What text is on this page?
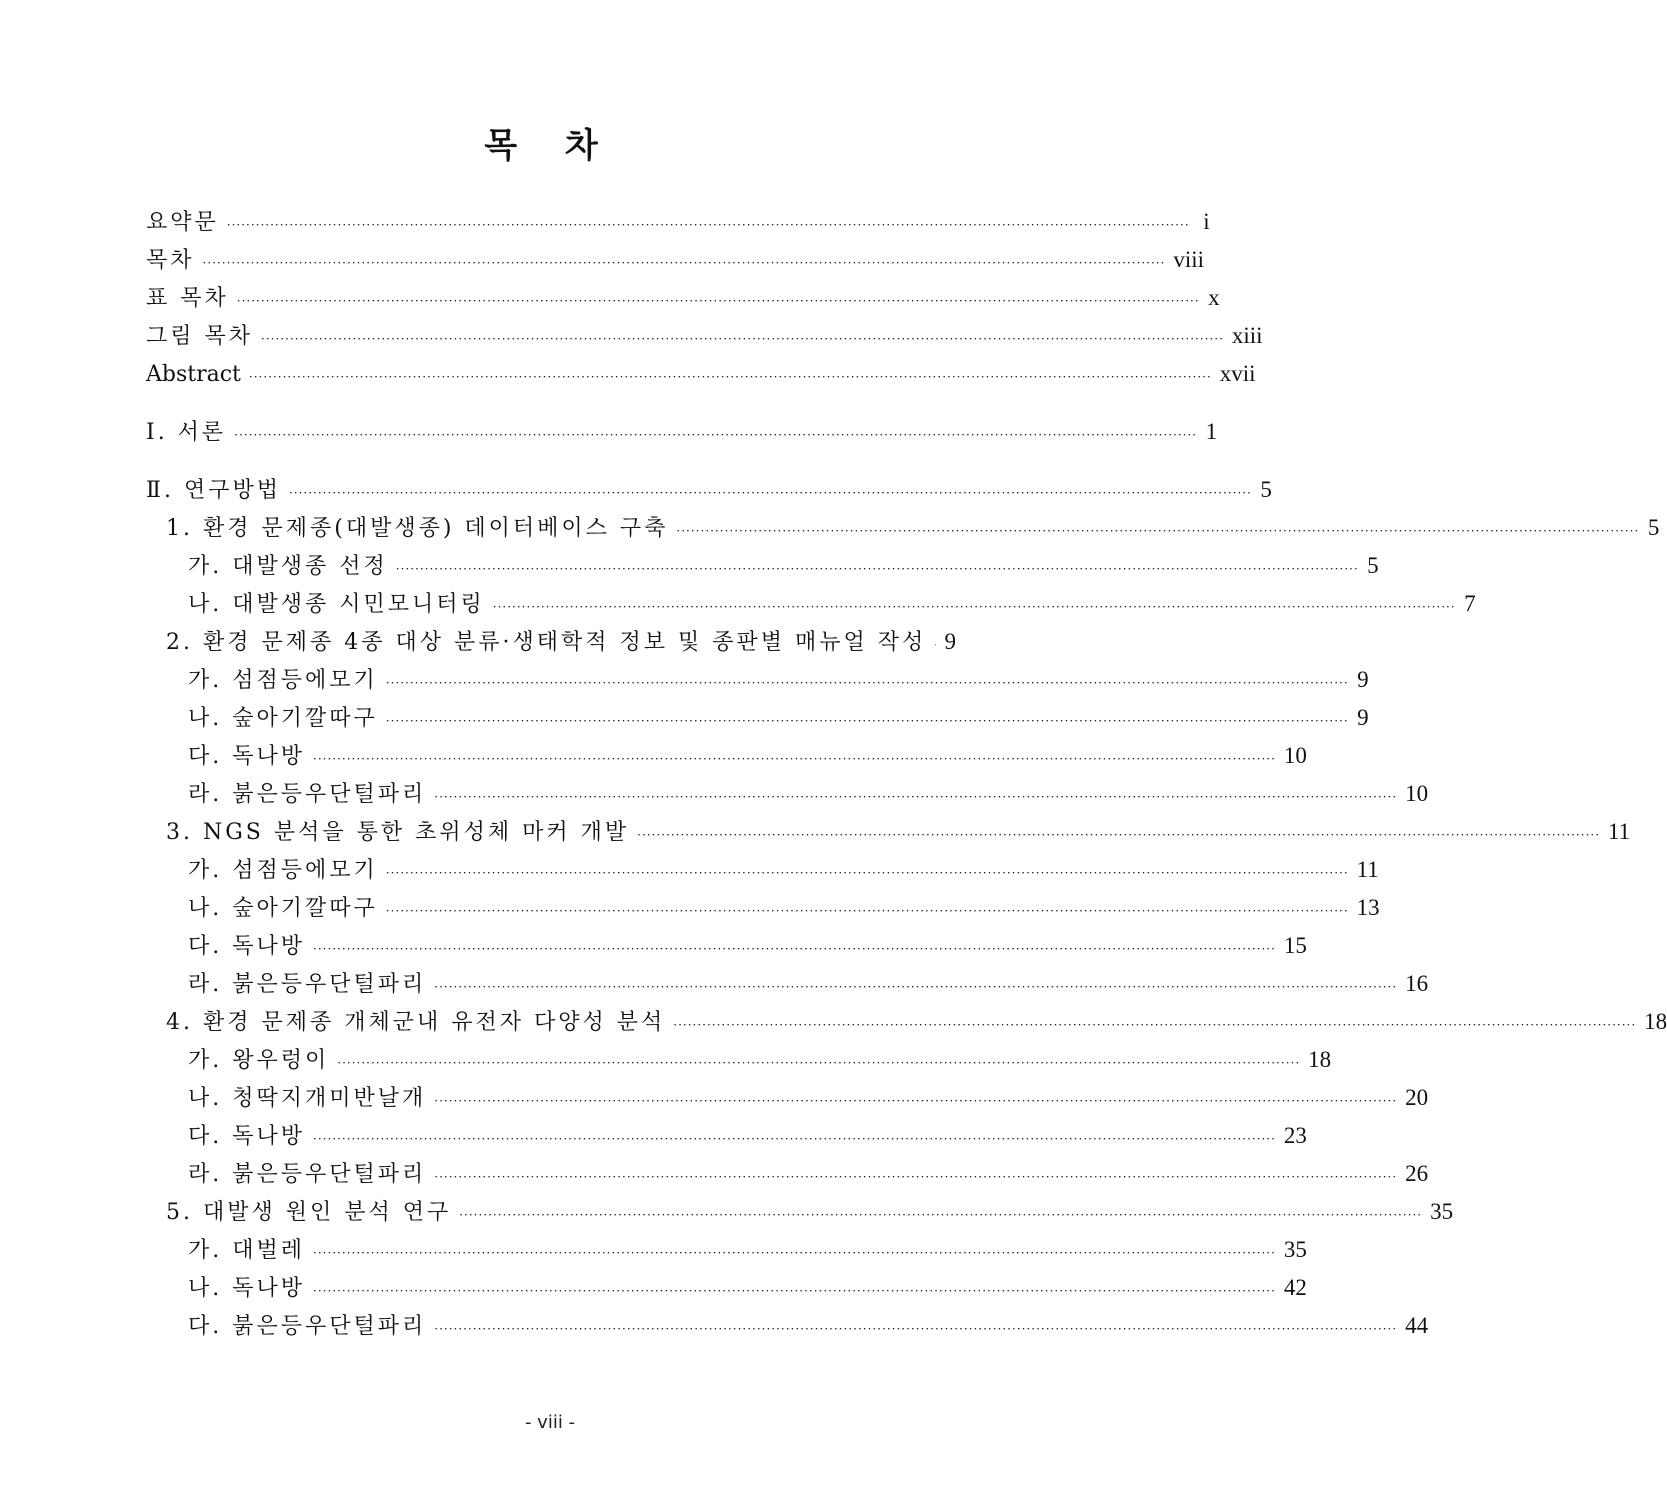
목 차
요약문 ········································································································································································································ i
목차 ········································································································································································································ viii
표 목차 ········································································································································································································ x
그림 목차 ········································································································································································································ xiii
Abstract ········································································································································································································ xvii
Ⅰ. 서론 ········································································································································································································ 1
Ⅱ. 연구방법 ········································································································································································································ 5
1. 환경 문제종(대발생종) 데이터베이스 구축 ········································································································································································································ 5
가. 대발생종 선정 ········································································································································································································ 5
나. 대발생종 시민모니터링 ········································································································································································································ 7
2. 환경 문제종 4종 대상 분류·생태학적 정보 및 종판별 매뉴얼 작성 9
가. 섬점등에모기 ········································································································································································································ 9
나. 숲아기깔따구 ········································································································································································································ 9
다. 독나방 ········································································································································································································ 10
라. 붉은등우단털파리 ········································································································································································································ 10
3. NGS 분석을 통한 초위성체 마커 개발 ········································································································································································································ 11
가. 섬점등에모기 ········································································································································································································ 11
나. 숲아기깔따구 ········································································································································································································ 13
다. 독나방 ········································································································································································································ 15
라. 붉은등우단털파리 ········································································································································································································ 16
4. 환경 문제종 개체군내 유전자 다양성 분석 ········································································································································································································ 18
가. 왕우렁이 ········································································································································································································ 18
나. 청딱지개미반날개 ········································································································································································································ 20
다. 독나방 ········································································································································································································ 23
라. 붉은등우단털파리 ········································································································································································································ 26
5. 대발생 원인 분석 연구 ········································································································································································································ 35
가. 대벌레 ········································································································································································································ 35
나. 독나방 ········································································································································································································ 42
다. 붉은등우단털파리 ········································································································································································································ 44
- viii -
